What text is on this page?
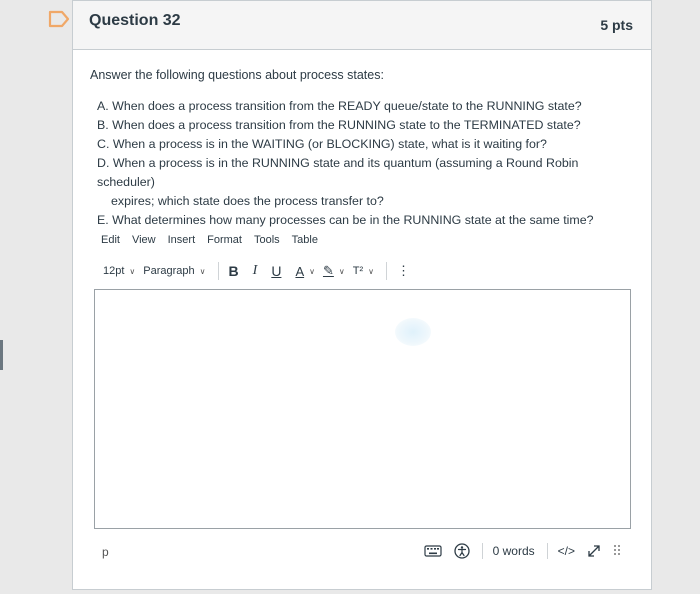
Question 32	5 pts
Answer the following questions about process states:
A. When does a process transition from the READY queue/state to the RUNNING state?
B. When does a process transition from the RUNNING state to the TERMINATED state?
C. When a process is in the WAITING (or BLOCKING) state, what is it waiting for?
D. When a process is in the RUNNING state and its quantum (assuming a Round Robin scheduler)
expires; which state does the process transfer to?
E. What determines how many processes can be in the RUNNING state at the same time?
Edit View Insert Format Tools Table
12pt ∨ Paragraph ∨ B I U A ∨ ✎ ∨ T² ∨ ⋮
p	0 words </>
